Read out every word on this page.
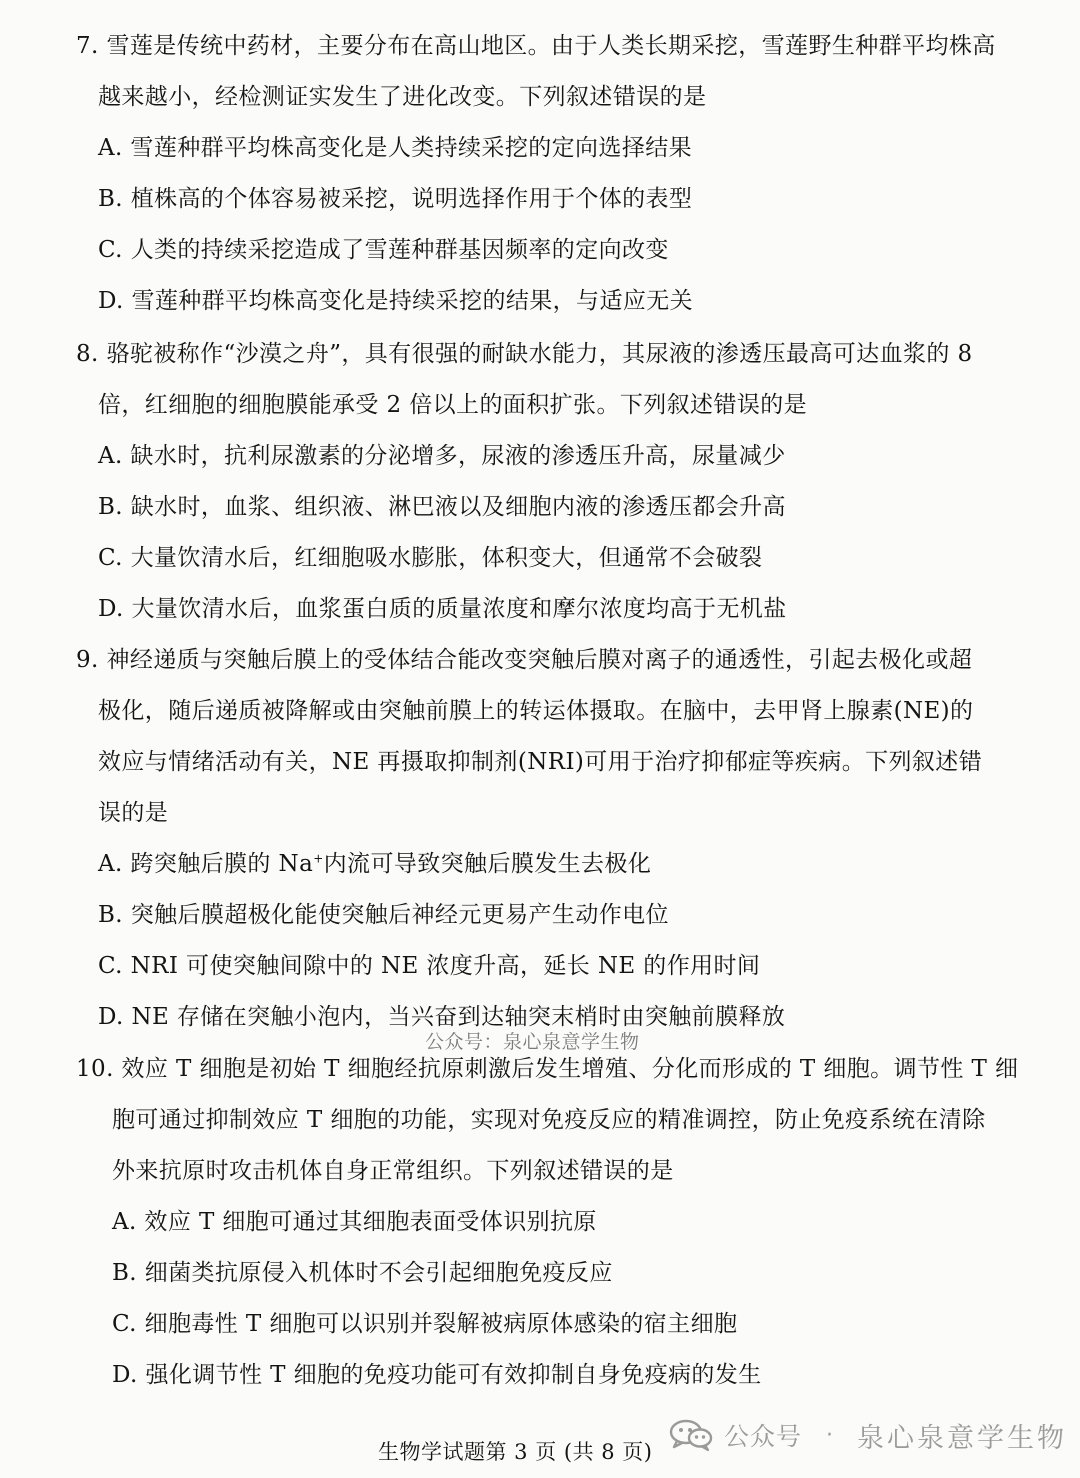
7. 雪莲是传统中药材，主要分布在高山地区。由于人类长期采挖，雪莲野生种群平均株高
越来越小，经检测证实发生了进化改变。下列叙述错误的是
A. 雪莲种群平均株高变化是人类持续采挖的定向选择结果
B. 植株高的个体容易被采挖，说明选择作用于个体的表型
C. 人类的持续采挖造成了雪莲种群基因频率的定向改变
D. 雪莲种群平均株高变化是持续采挖的结果，与适应无关
8. 骆驼被称作“沙漠之舟”，具有很强的耐缺水能力，其尿液的渗透压最高可达血浆的 8
倍，红细胞的细胞膜能承受 2 倍以上的面积扩张。下列叙述错误的是
A. 缺水时，抗利尿激素的分泌增多，尿液的渗透压升高，尿量减少
B. 缺水时，血浆、组织液、淋巴液以及细胞内液的渗透压都会升高
C. 大量饮清水后，红细胞吸水膨胀，体积变大，但通常不会破裂
D. 大量饮清水后，血浆蛋白质的质量浓度和摩尔浓度均高于无机盐
9. 神经递质与突触后膜上的受体结合能改变突触后膜对离子的通透性，引起去极化或超
极化，随后递质被降解或由突触前膜上的转运体摄取。在脑中，去甲肾上腺素(NE)的
效应与情绪活动有关，NE 再摄取抑制剂(NRI)可用于治疗抑郁症等疾病。下列叙述错
误的是
A. 跨突触后膜的 Na+内流可导致突触后膜发生去极化
B. 突触后膜超极化能使突触后神经元更易产生动作电位
C. NRI 可使突触间隙中的 NE 浓度升高，延长 NE 的作用时间
D. NE 存储在突触小泡内，当兴奋到达轴突末梢时由突触前膜释放
公众号：泉心泉意学生物
10. 效应 T 细胞是初始 T 细胞经抗原刺激后发生增殖、分化而形成的 T 细胞。调节性 T 细
胞可通过抑制效应 T 细胞的功能，实现对免疫反应的精准调控，防止免疫系统在清除
外来抗原时攻击机体自身正常组织。下列叙述错误的是
A. 效应 T 细胞可通过其细胞表面受体识别抗原
B. 细菌类抗原侵入机体时不会引起细胞免疫反应
C. 细胞毒性 T 细胞可以识别并裂解被病原体感染的宿主细胞
D. 强化调节性 T 细胞的免疫功能可有效抑制自身免疫病的发生
公众号 · 泉心泉意学生物
生物学试题第 3 页 (共 8 页)
